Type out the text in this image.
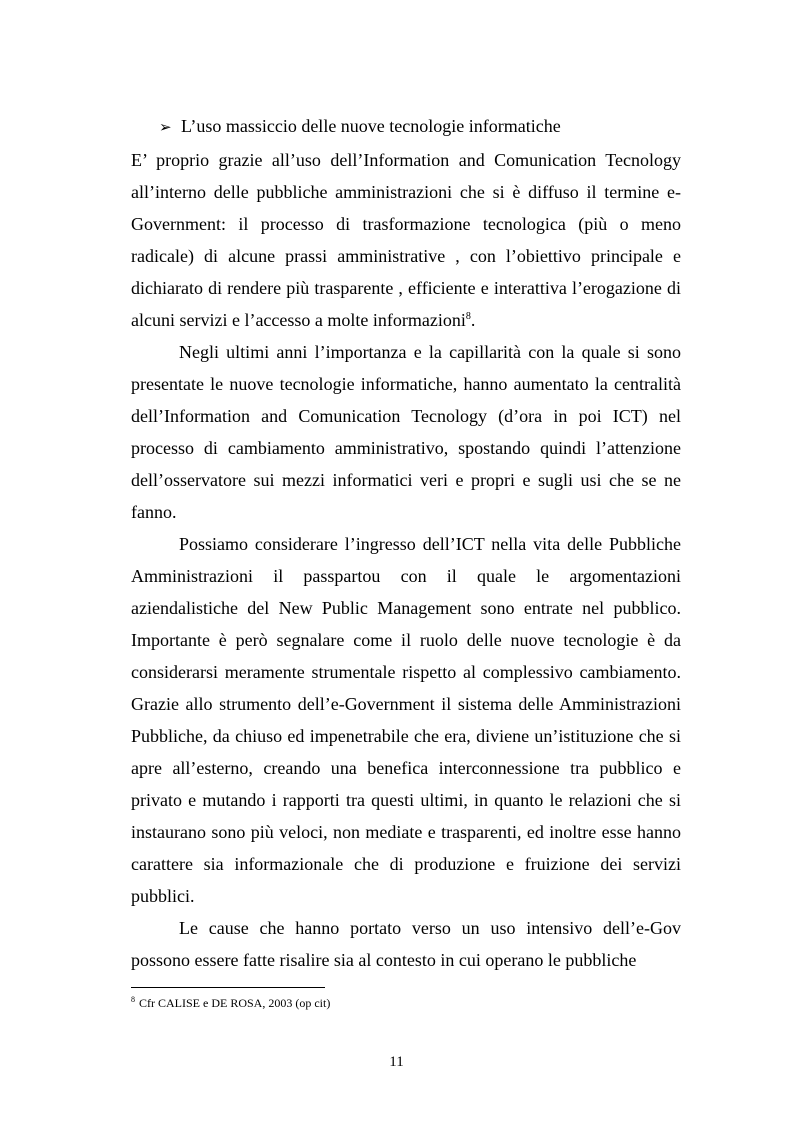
➢ L’uso massiccio delle nuove tecnologie informatiche

E’ proprio grazie all’uso dell’Information and Comunication Tecnology all’interno delle pubbliche amministrazioni che si è diffuso il termine e-Government: il processo di trasformazione tecnologica (più o meno radicale) di alcune prassi amministrative , con l’obiettivo principale e dichiarato di rendere più trasparente , efficiente e interattiva l’erogazione di alcuni servizi e l’accesso a molte informazioni$^8$.

Negli ultimi anni l’importanza e la capillarità con la quale si sono presentate le nuove tecnologie informatiche, hanno aumentato la centralità dell’Information and Comunication Tecnology (d’ora in poi ICT) nel processo di cambiamento amministrativo, spostando quindi l’attenzione dell’osservatore sui mezzi informatici veri e propri e sugli usi che se ne fanno.

Possiamo considerare l’ingresso dell’ICT nella vita delle Pubbliche Amministrazioni il passpartou con il quale le argomentazioni aziendalistiche del New Public Management sono entrate nel pubblico. Importante è però segnalare come il ruolo delle nuove tecnologie è da considerarsi meramente strumentale rispetto al complessivo cambiamento. Grazie allo strumento dell’e-Government il sistema delle Amministrazioni Pubbliche, da chiuso ed impenetrabile che era, diviene un’istituzione che si apre all’esterno, creando una benefica interconnessione tra pubblico e privato e mutando i rapporti tra questi ultimi, in quanto le relazioni che si instaurano sono più veloci, non mediate e trasparenti, ed inoltre esse hanno carattere sia informazionale che di produzione e fruizione dei servizi pubblici.

Le cause che hanno portato verso un uso intensivo dell’e-Gov possono essere fatte risalire sia al contesto in cui operano le pubbliche

$^8$ Cfr CALISE e DE ROSA, 2003 (op cit)
11
